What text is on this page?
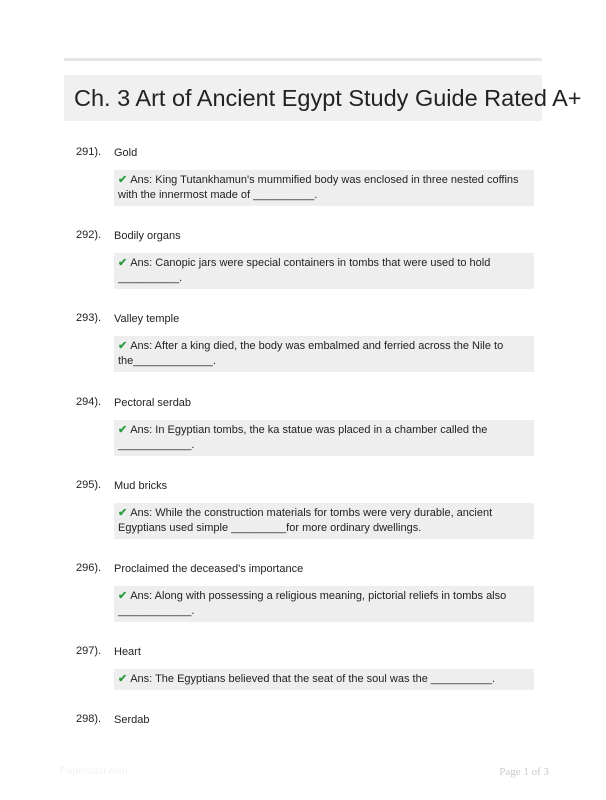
Ch. 3 Art of Ancient Egypt Study Guide Rated A+
291). Gold
✔ Ans: King Tutankhamun's mummified body was enclosed in three nested coffins with the innermost made of __________.
292). Bodily organs
✔ Ans: Canopic jars were special containers in tombs that were used to hold __________.
293). Valley temple
✔ Ans: After a king died, the body was embalmed and ferried across the Nile to the_____________.
294). Pectoral serdab
✔ Ans: In Egyptian tombs, the ka statue was placed in a chamber called the ____________.
295). Mud bricks
✔ Ans: While the construction materials for tombs were very durable, ancient Egyptians used simple _________for more ordinary dwellings.
296). Proclaimed the deceased's importance
✔ Ans: Along with possessing a religious meaning, pictorial reliefs in tombs also ____________.
297). Heart
✔ Ans: The Egyptians believed that the seat of the soul was the __________.
298). Serdab
Papertutor.com	Page 1 of 3
